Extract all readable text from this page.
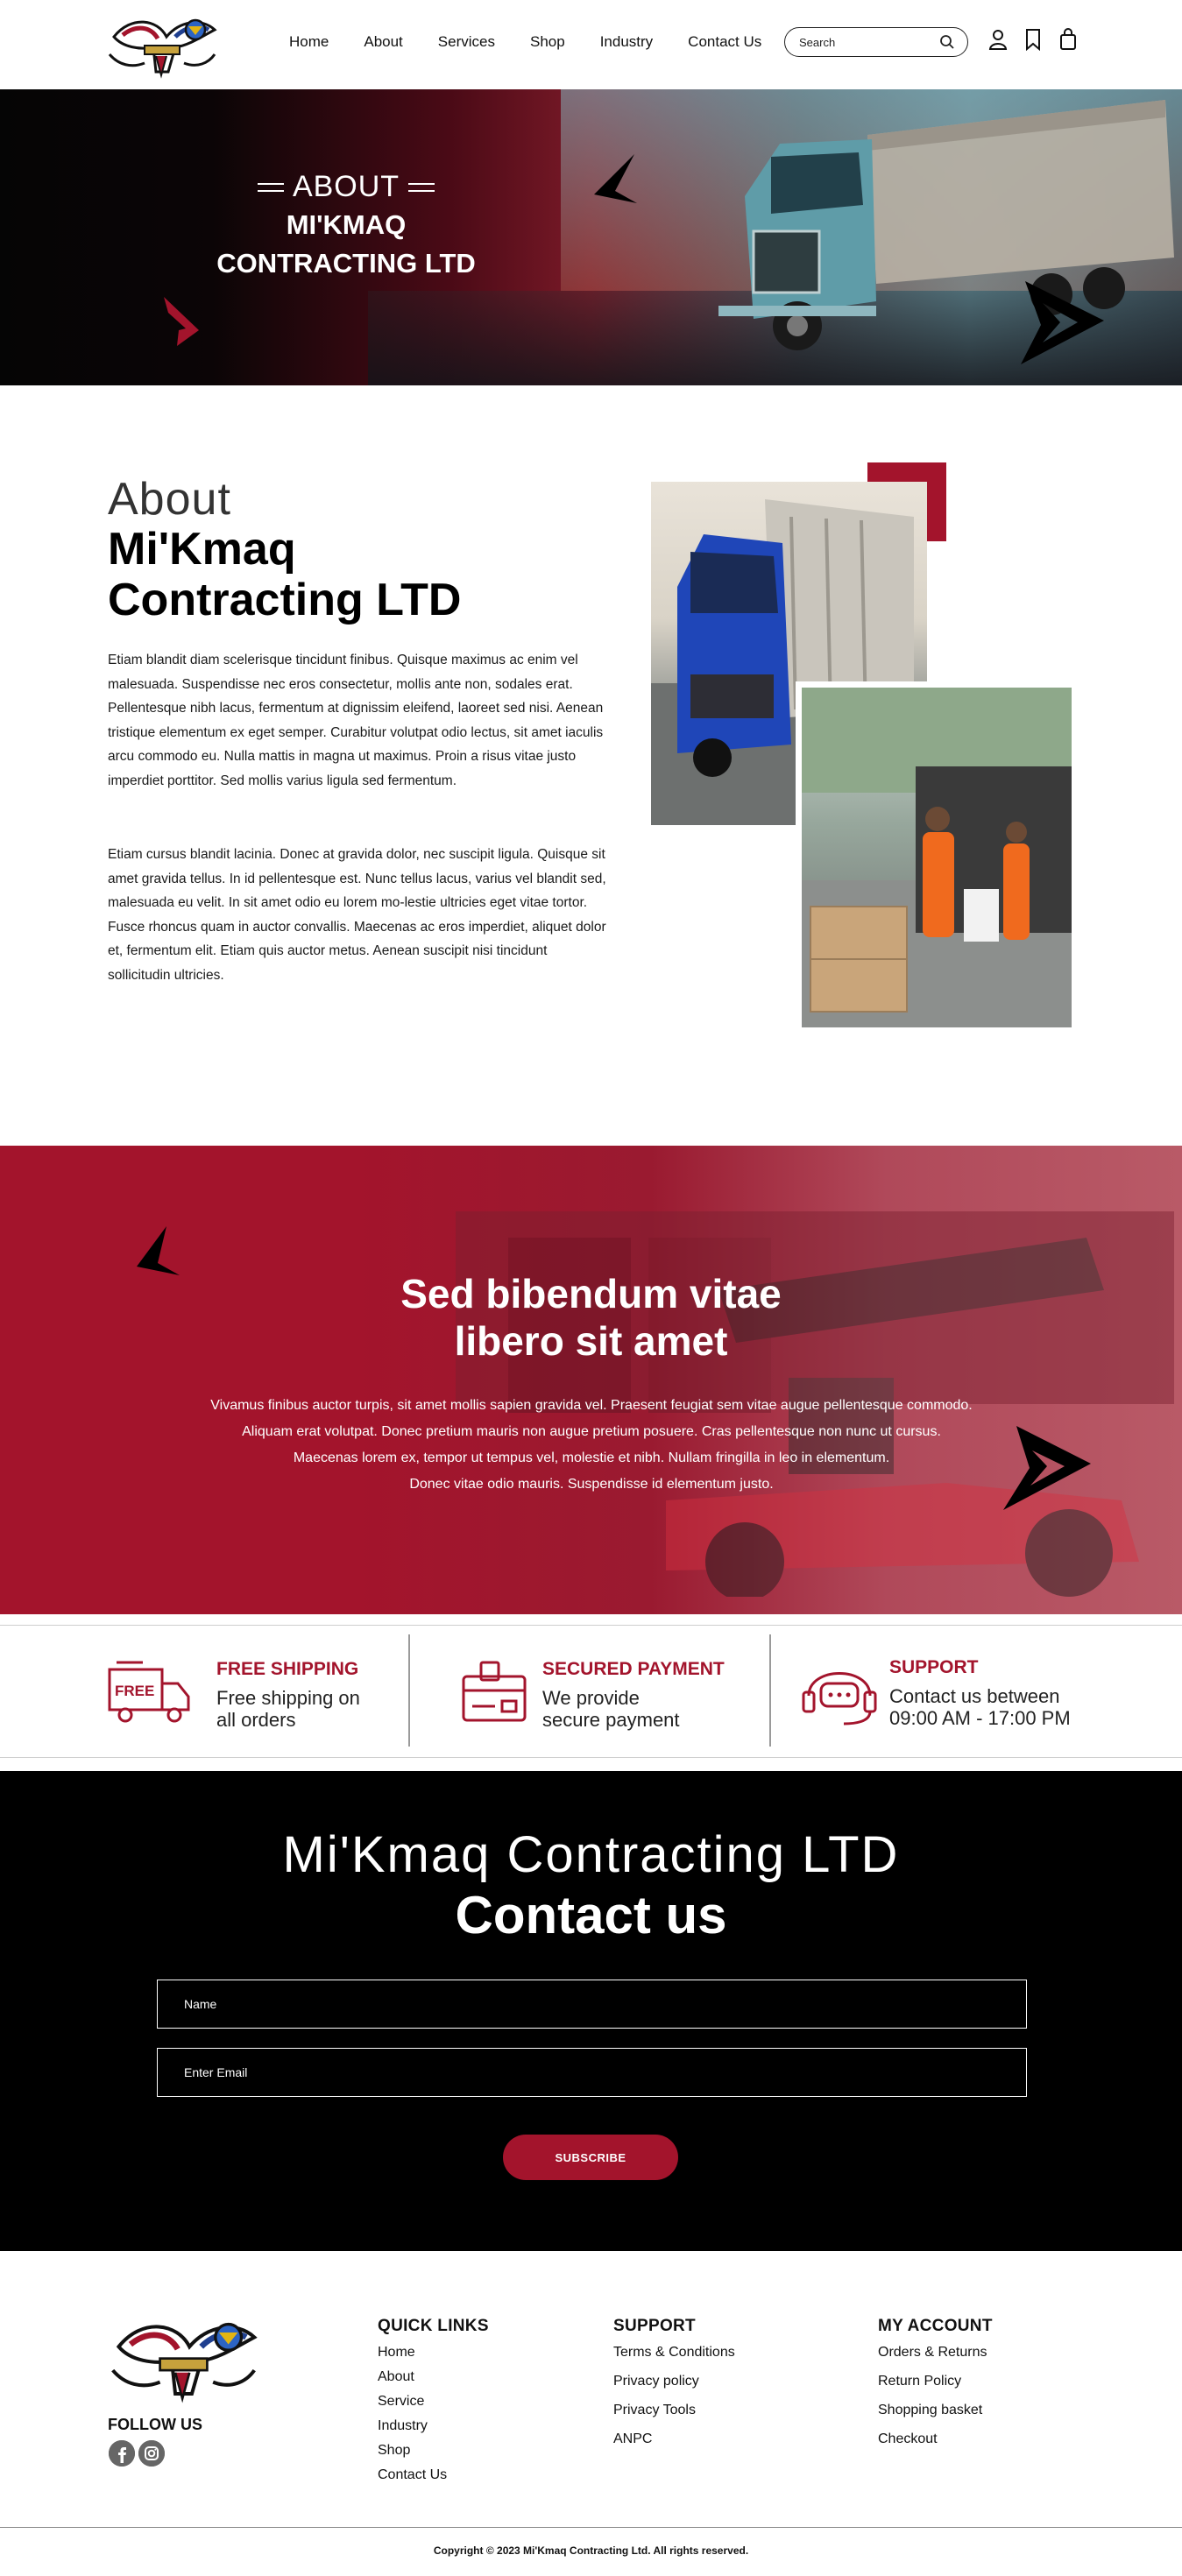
Home About Services Shop Industry Contact Us
Search
ABOUT
MI'KMAQ
CONTRACTING LTD
About
Mi'Kmaq
Contracting LTD

Etiam blandit diam scelerisque tincidunt finibus. Quisque maximus ac enim vel malesuada. Suspendisse nec eros consectetur, mollis ante non, sodales erat. Pellentesque nibh lacus, fermentum at dignissim eleifend, laoreet sed nisi. Aenean tristique elementum ex eget semper. Curabitur volutpat odio lectus, sit amet iaculis arcu commodo eu. Nulla mattis in magna ut maximus. Proin a risus vitae justo imperdiet porttitor. Sed mollis varius ligula sed fermentum.

Etiam cursus blandit lacinia. Donec at gravida dolor, nec suscipit ligula. Quisque sit amet gravida tellus. In id pellentesque est. Nunc tellus lacus, varius vel blandit sed, malesuada eu velit. In sit amet odio eu lorem mo-lestie ultricies eget vitae tortor. Fusce rhoncus quam in auctor convallis. Maecenas ac eros imperdiet, aliquet dolor et, fermentum elit. Etiam quis auctor metus. Aenean suscipit nisi tincidunt sollicitudin ultricies.

Sed bibendum vitae
libero sit amet
Vivamus finibus auctor turpis, sit amet mollis sapien gravida vel. Praesent feugiat sem vitae augue pellentesque commodo.
Aliquam erat volutpat. Donec pretium mauris non augue pretium posuere. Cras pellentesque non nunc ut cursus.
Maecenas lorem ex, tempor ut tempus vel, molestie et nibh. Nullam fringilla in leo in elementum.
Donec vitae odio mauris. Suspendisse id elementum justo.
FREE
FREE SHIPPING
Free shipping on
all orders
SECURED PAYMENT
We provide
secure payment
SUPPORT
Contact us between
09:00 AM - 17:00 PM
Mi'Kmaq Contracting LTD
Contact us
Name
Enter Email
SUBSCRIBE
FOLLOW US
QUICK LINKS
Home
About
Service
Industry
Shop
Contact Us
SUPPORT
Terms & Conditions
Privacy policy
Privacy Tools
ANPC
MY ACCOUNT
Orders & Returns
Return Policy
Shopping basket
Checkout
Copyright © 2023 Mi'Kmaq Contracting Ltd. All rights reserved.
